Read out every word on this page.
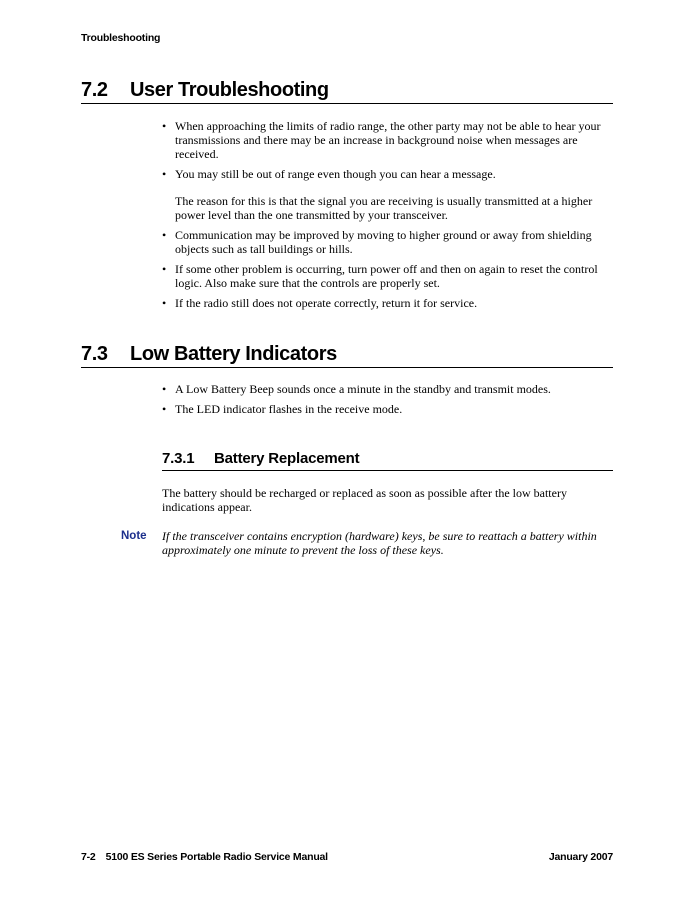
Troubleshooting
7.2 User Troubleshooting
• When approaching the limits of radio range, the other party may not be able to hear your transmissions and there may be an increase in background noise when messages are received.
• You may still be out of range even though you can hear a message.
The reason for this is that the signal you are receiving is usually transmitted at a higher power level than the one transmitted by your transceiver.
• Communication may be improved by moving to higher ground or away from shielding objects such as tall buildings or hills.
• If some other problem is occurring, turn power off and then on again to reset the control logic. Also make sure that the controls are properly set.
• If the radio still does not operate correctly, return it for service.
7.3 Low Battery Indicators
• A Low Battery Beep sounds once a minute in the standby and transmit modes.
• The LED indicator flashes in the receive mode.
7.3.1 Battery Replacement
The battery should be recharged or replaced as soon as possible after the low battery indications appear.
Note If the transceiver contains encryption (hardware) keys, be sure to reattach a battery within approximately one minute to prevent the loss of these keys.
7-2 5100 ES Series Portable Radio Service Manual	January 2007
